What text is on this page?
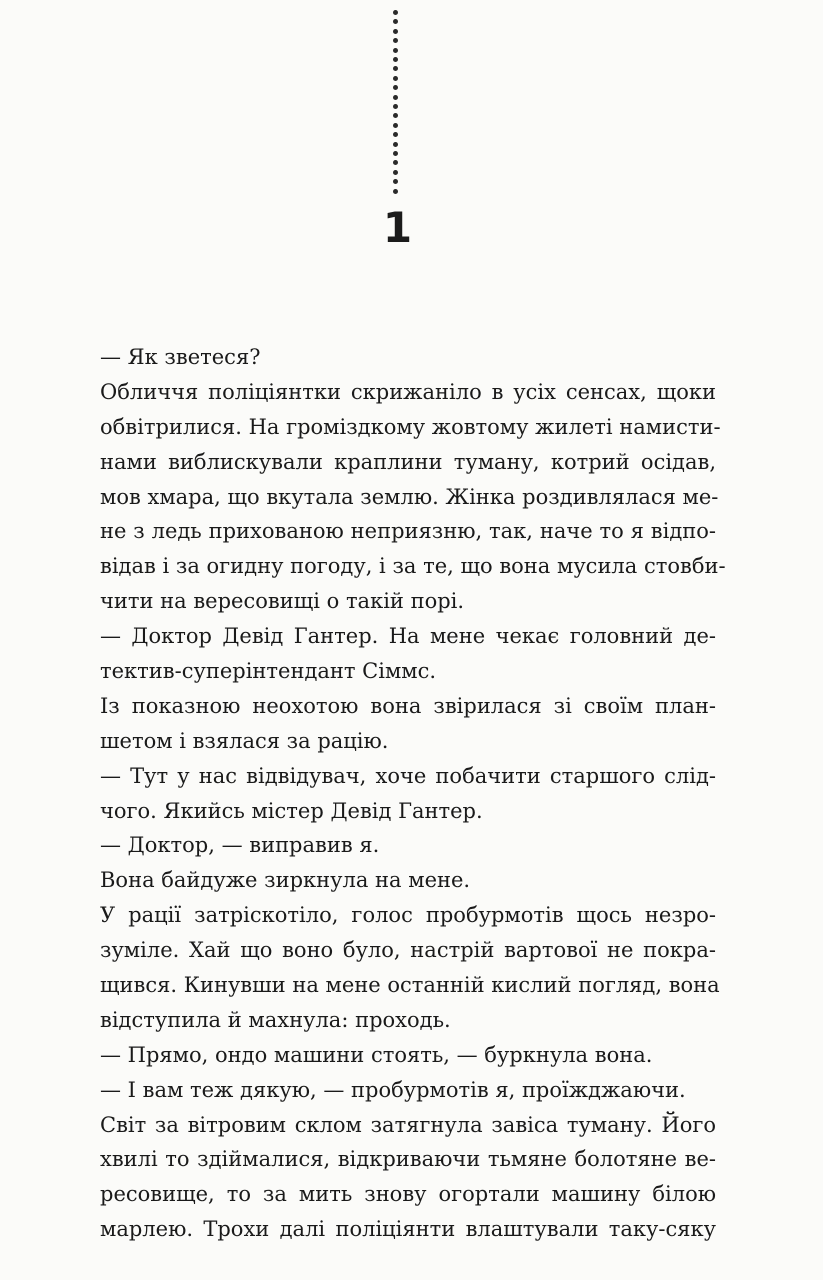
1
— Як зветеся?
Обличчя поліціянтки скрижаніло в усіх сенсах, щоки
обвітрилися. На громіздкому жовтому жилеті намисти-
нами виблискували краплини туману, котрий осідав,
мов хмара, що вкутала землю. Жінка роздивлялася ме-
не з ледь прихованою неприязню, так, наче то я відпо-
відав і за огидну погоду, і за те, що вона мусила стовби-
чити на вересовищі о такій порі.
— Доктор Девід Гантер. На мене чекає головний де-
тектив-суперінтендант Сіммс.
Із показною неохотою вона звірилася зі своїм план-
шетом і взялася за рацію.
— Тут у нас відвідувач, хоче побачити старшого слід-
чого. Якийсь містер Девід Гантер.
— Доктор, — виправив я.
Вона байдуже зиркнула на мене.
У рації затріскотіло, голос пробурмотів щось незро-
зуміле. Хай що воно було, настрій вартової не покра-
щився. Кинувши на мене останній кислий погляд, вона
відступила й махнула: проходь.
— Прямо, ондо машини стоять, — буркнула вона.
— І вам теж дякую, — пробурмотів я, проїжджаючи.
Світ за вітровим склом затягнула завіса туману. Його
хвилі то здіймалися, відкриваючи тьмяне болотяне ве-
ресовище, то за мить знову огортали машину білою
марлею. Трохи далі поліціянти влаштували таку-сяку
